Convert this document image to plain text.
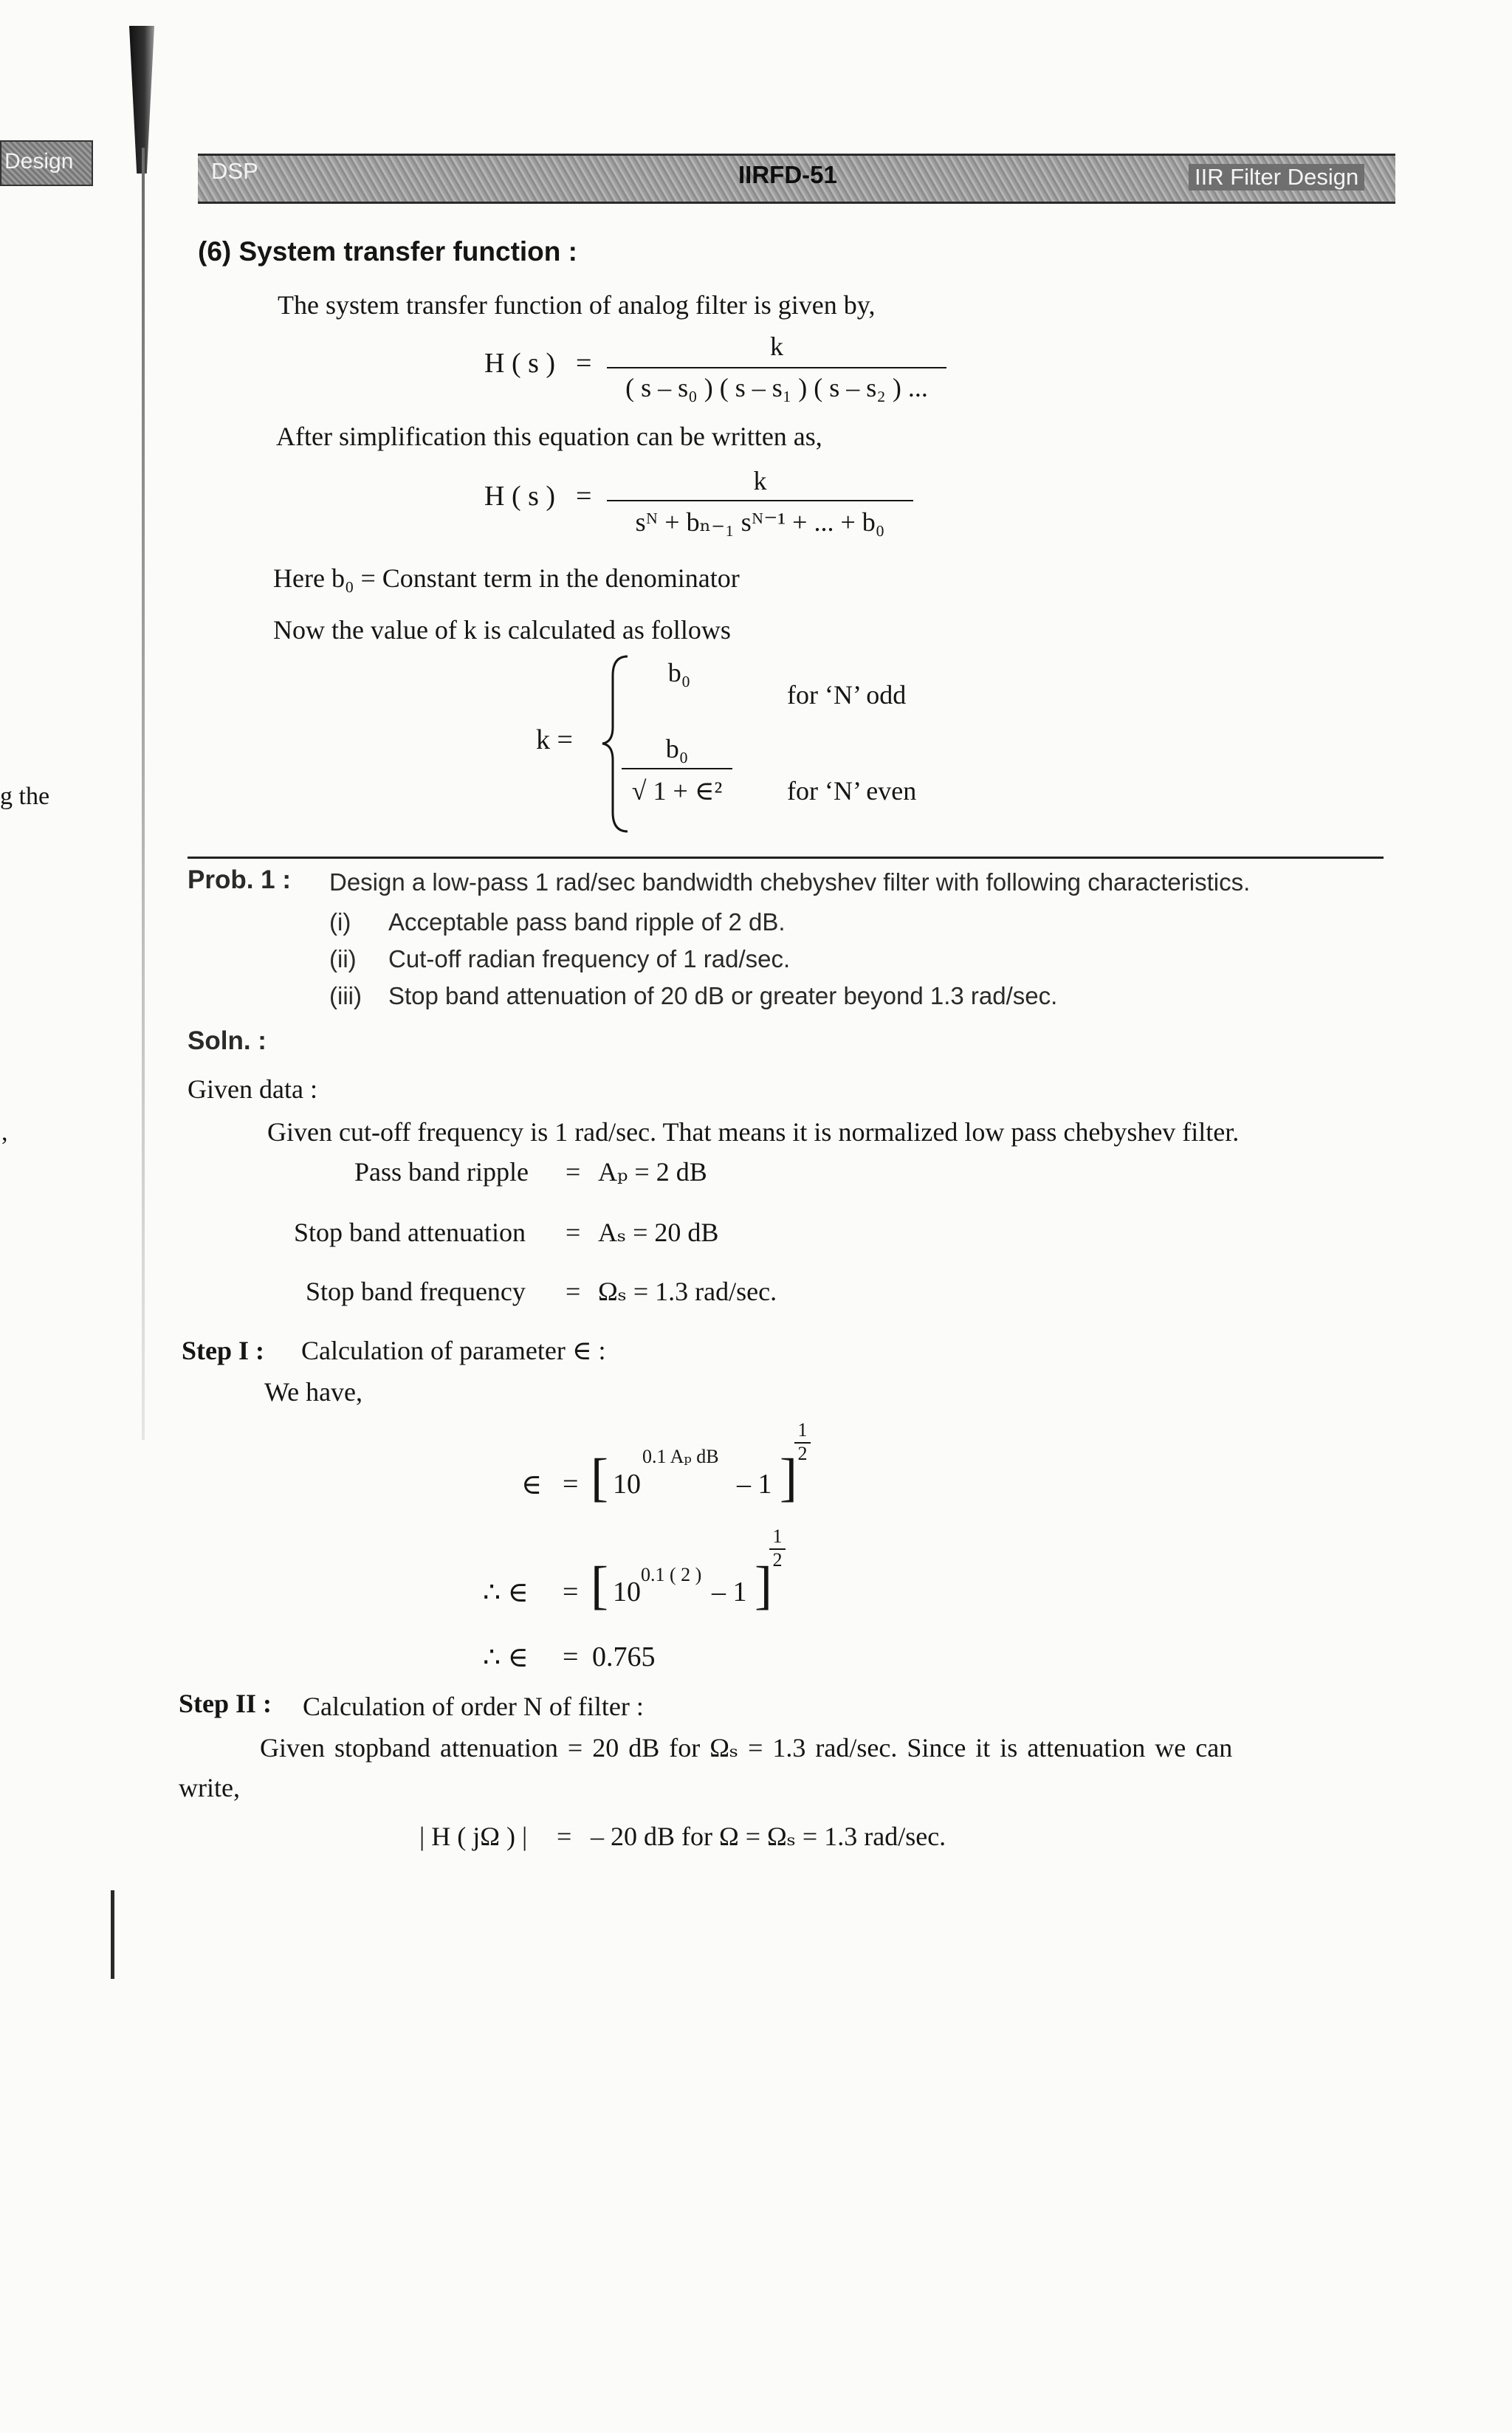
Design
g the
,
DSP	IIRFD-51	IIR Filter Design
(6) System transfer function :
The system transfer function of analog filter is given by,
H ( s ) =
k
( s – s₀ ) ( s – s₁ ) ( s – s₂ ) ...
After simplification this equation can be written as,
H ( s ) =	k
sᴺ + bₙ₋₁ sᴺ⁻¹ + ... + b₀
Here b₀ = Constant term in the denominator
Now the value of k is calculated as follows
k =
b₀
for ‘N’ odd
b₀
√ 1 + ∈²	for ‘N’ even
Prob. 1 : Design a low-pass 1 rad/sec bandwidth chebyshev filter with following characteristics.
(i) Acceptable pass band ripple of 2 dB.
(ii) Cut-off radian frequency of 1 rad/sec.
(iii) Stop band attenuation of 20 dB or greater beyond 1.3 rad/sec.
Soln. :
Given data :
Given cut-off frequency is 1 rad/sec. That means it is normalized low pass chebyshev filter.
Pass band ripple = Aₚ = 2 dB
Stop band attenuation = Aₛ = 20 dB
Stop band frequency = Ωₛ = 1.3 rad/sec.
Step I : Calculation of parameter ∈ :
We have,
∈ = [ 10
0.1 Aₚ dB
– 1 ]
1
2
∴ ∈ = [ 10
0.1 ( 2 )
– 1 ]
1
2
∴ ∈ = 0.765
Step II : Calculation of order N of filter :
Given stopband attenuation = 20 dB for Ωₛ = 1.3 rad/sec. Since it is attenuation we can
write,
| H ( jΩ ) | = – 20 dB for Ω = Ωₛ = 1.3 rad/sec.
